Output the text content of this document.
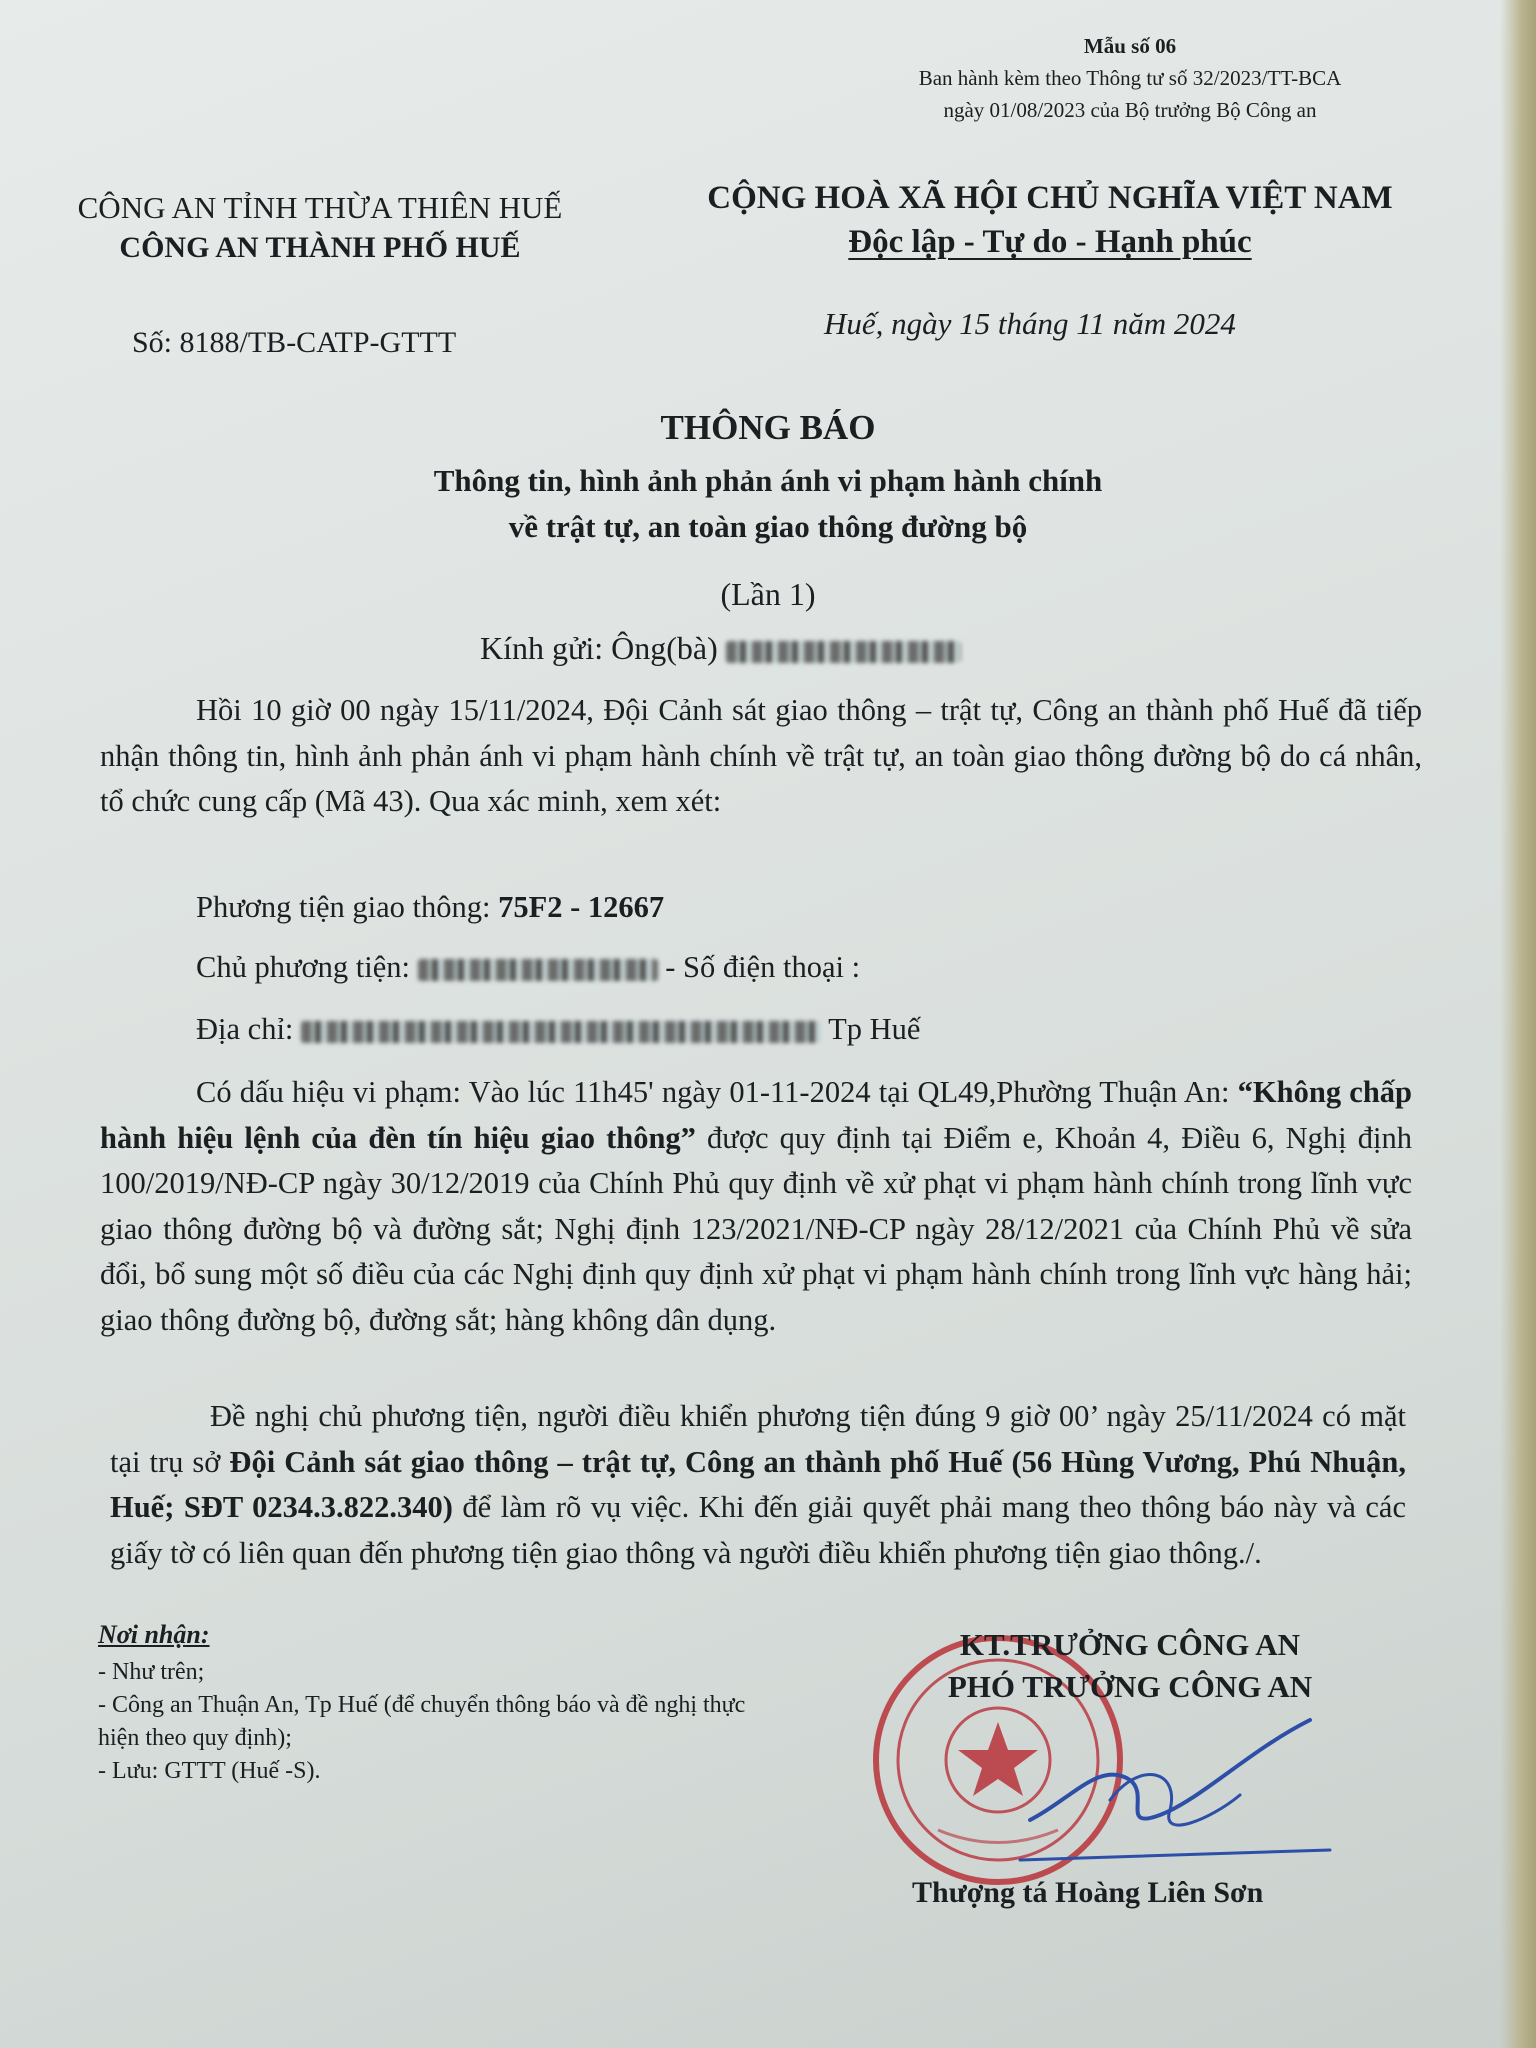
Mẫu số 06
Ban hành kèm theo Thông tư số 32/2023/TT-BCA
ngày 01/08/2023 của Bộ trưởng Bộ Công an
CÔNG AN TỈNH THỪA THIÊN HUẾ
CÔNG AN THÀNH PHỐ HUẾ
CỘNG HOÀ XÃ HỘI CHỦ NGHĨA VIỆT NAM
Độc lập - Tự do - Hạnh phúc
Số: 8188/TB-CATP-GTTT
Huế, ngày 15 tháng 11 năm 2024
THÔNG BÁO
Thông tin, hình ảnh phản ánh vi phạm hành chính
về trật tự, an toàn giao thông đường bộ
(Lần 1)
Kính gửi: Ông(bà)
Hồi 10 giờ 00 ngày 15/11/2024, Đội Cảnh sát giao thông – trật tự, Công an thành phố Huế đã tiếp nhận thông tin, hình ảnh phản ánh vi phạm hành chính về trật tự, an toàn giao thông đường bộ do cá nhân, tổ chức cung cấp (Mã 43). Qua xác minh, xem xét:
Phương tiện giao thông: 75F2 - 12667
Chủ phương tiện:	- Số điện thoại :
Địa chỉ:	Tp Huế
Có dấu hiệu vi phạm: Vào lúc 11h45' ngày 01-11-2024 tại QL49,Phường Thuận An: “Không chấp hành hiệu lệnh của đèn tín hiệu giao thông” được quy định tại Điểm e, Khoản 4, Điều 6, Nghị định 100/2019/NĐ-CP ngày 30/12/2019 của Chính Phủ quy định về xử phạt vi phạm hành chính trong lĩnh vực giao thông đường bộ và đường sắt; Nghị định 123/2021/NĐ-CP ngày 28/12/2021 của Chính Phủ về sửa đổi, bổ sung một số điều của các Nghị định quy định xử phạt vi phạm hành chính trong lĩnh vực hàng hải; giao thông đường bộ, đường sắt; hàng không dân dụng.
Đề nghị chủ phương tiện, người điều khiển phương tiện đúng 9 giờ 00’ ngày 25/11/2024 có mặt tại trụ sở Đội Cảnh sát giao thông – trật tự, Công an thành phố Huế (56 Hùng Vương, Phú Nhuận, Huế; SĐT 0234.3.822.340) để làm rõ vụ việc. Khi đến giải quyết phải mang theo thông báo này và các giấy tờ có liên quan đến phương tiện giao thông và người điều khiển phương tiện giao thông./.
Nơi nhận:
- Như trên;
- Công an Thuận An, Tp Huế (để chuyển thông báo và đề nghị thực hiện theo quy định);
- Lưu: GTTT (Huế -S).
KT.TRƯỞNG CÔNG AN
PHÓ TRƯỞNG CÔNG AN
Thượng tá Hoàng Liên Sơn
